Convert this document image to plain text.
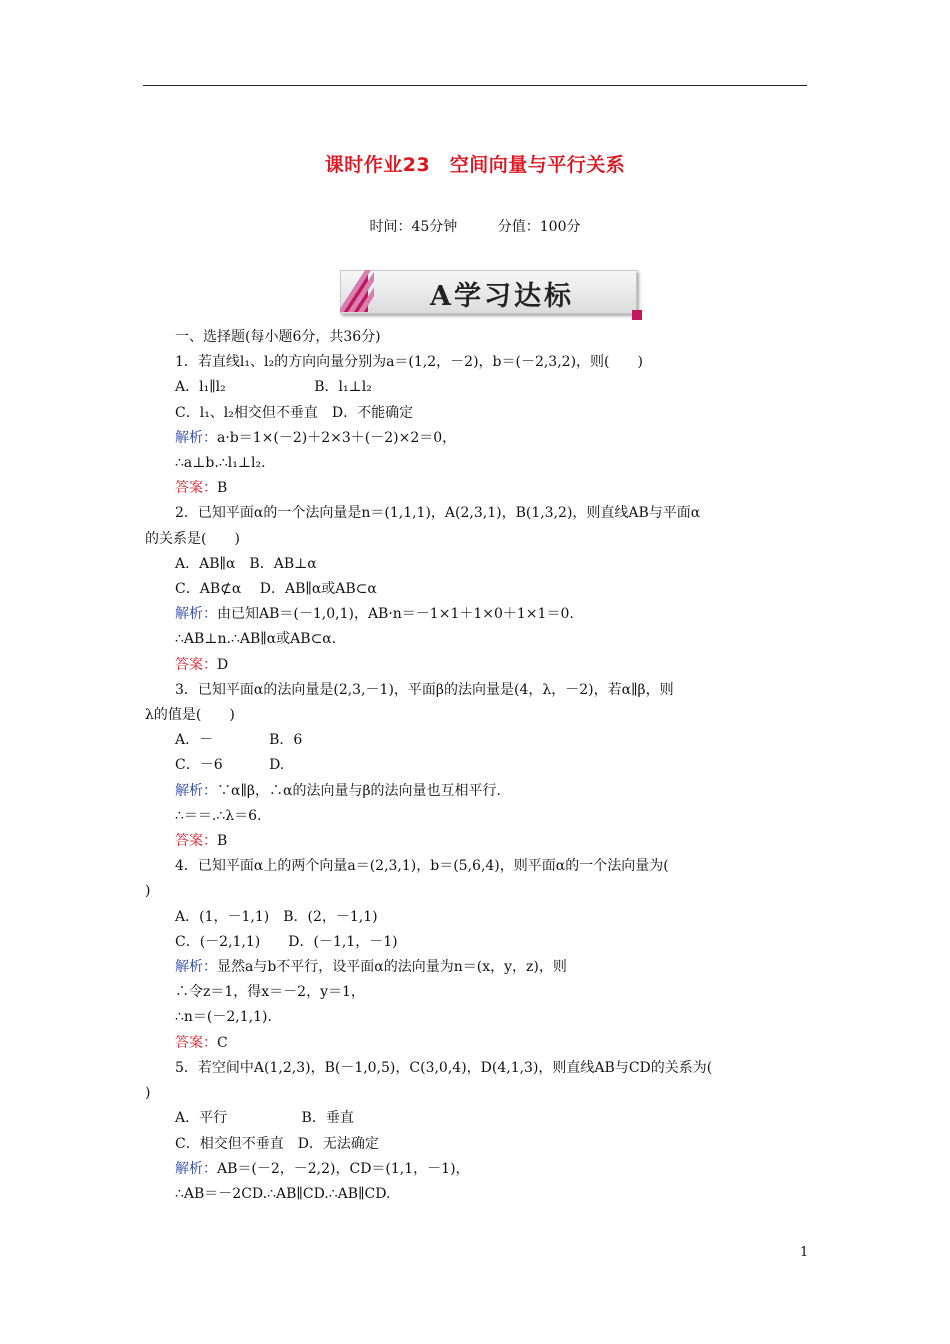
课时作业23　空间向量与平行关系
时间：45分钟	分值：100分
A学习达标
一、选择题(每小题6分，共36分)
1．若直线l₁、l₂的方向向量分别为a＝(1,2，－2)，b＝(－2,3,2)，则(　　)
A．l₁∥l₂　　　　　　 B．l₁⊥l₂
C．l₁、l₂相交但不垂直　D．不能确定
解析：a·b＝1×(－2)＋2×3＋(－2)×2＝0，
∴a⊥b.∴l₁⊥l₂.
答案：B
2．已知平面α的一个法向量是n＝(1,1,1)，A(2,3,1)，B(1,3,2)，则直线AB与平面α
的关系是(　　)
A．AB∥α　B．AB⊥α
C．AB⊄α　 D．AB∥α或AB⊂α
解析：由已知AB＝(－1,0,1)，AB·n＝－1×1＋1×0＋1×1＝0.
∴AB⊥n.∴AB∥α或AB⊂α.
答案：D
3．已知平面α的法向量是(2,3,－1)，平面β的法向量是(4，λ，－2)，若α∥β，则
λ的值是(　　)
A．－　　　　B．6
C．－6　　　 D.
解析：∵α∥β，∴α的法向量与β的法向量也互相平行.
∴＝＝.∴λ＝6.
答案：B
4．已知平面α上的两个向量a＝(2,3,1)，b＝(5,6,4)，则平面α的一个法向量为(
)
A．(1，－1,1)　B．(2，－1,1)
C．(－2,1,1)　　D．(－1,1，－1)
解析：显然a与b不平行，设平面α的法向量为n＝(x，y，z)，则
∴令z＝1，得x＝－2，y＝1，
∴n＝(－2,1,1).
答案：C
5．若空间中A(1,2,3)，B(－1,0,5)，C(3,0,4)，D(4,1,3)，则直线AB与CD的关系为(
)
A．平行　　　　　 B．垂直
C．相交但不垂直　D．无法确定
解析：AB＝(－2，－2,2)，CD＝(1,1，－1)，
∴AB＝－2CD.∴AB∥CD.∴AB∥CD.
1
